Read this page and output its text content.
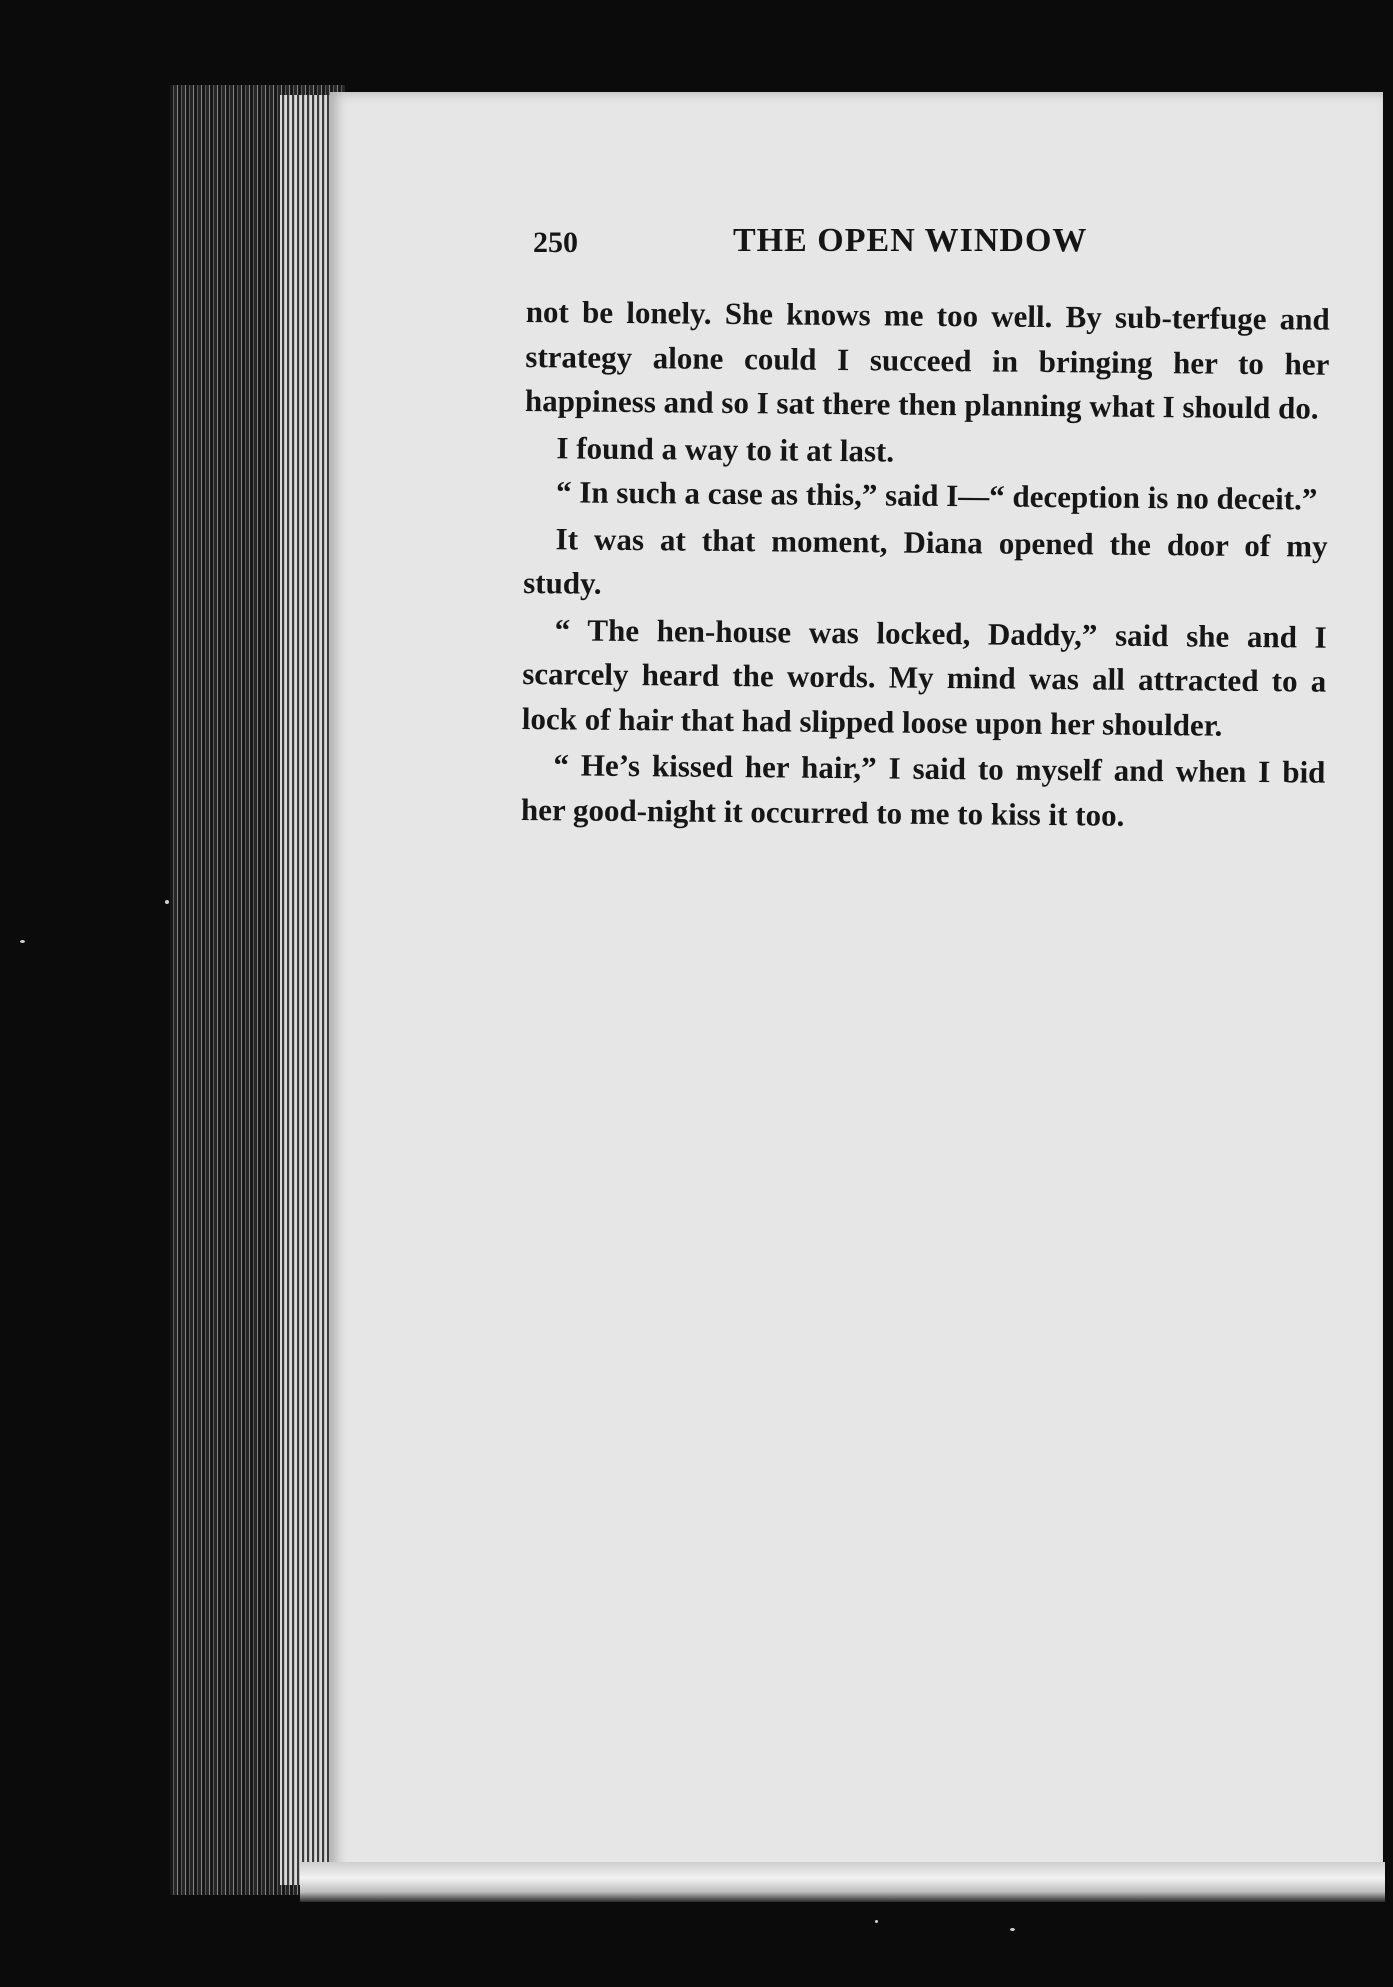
250	THE OPEN WINDOW

not be lonely. She knows me too well. By sub-terfuge and strategy alone could I succeed in bringing her to her happiness and so I sat there then planning what I should do.

I found a way to it at last.

“ In such a case as this,” said I—“ deception is no deceit.”

It was at that moment, Diana opened the door of my study.

“ The hen-house was locked, Daddy,” said she and I scarcely heard the words. My mind was all attracted to a lock of hair that had slipped loose upon her shoulder.

“ He’s kissed her hair,” I said to myself and when I bid her good-night it occurred to me to kiss it too.
